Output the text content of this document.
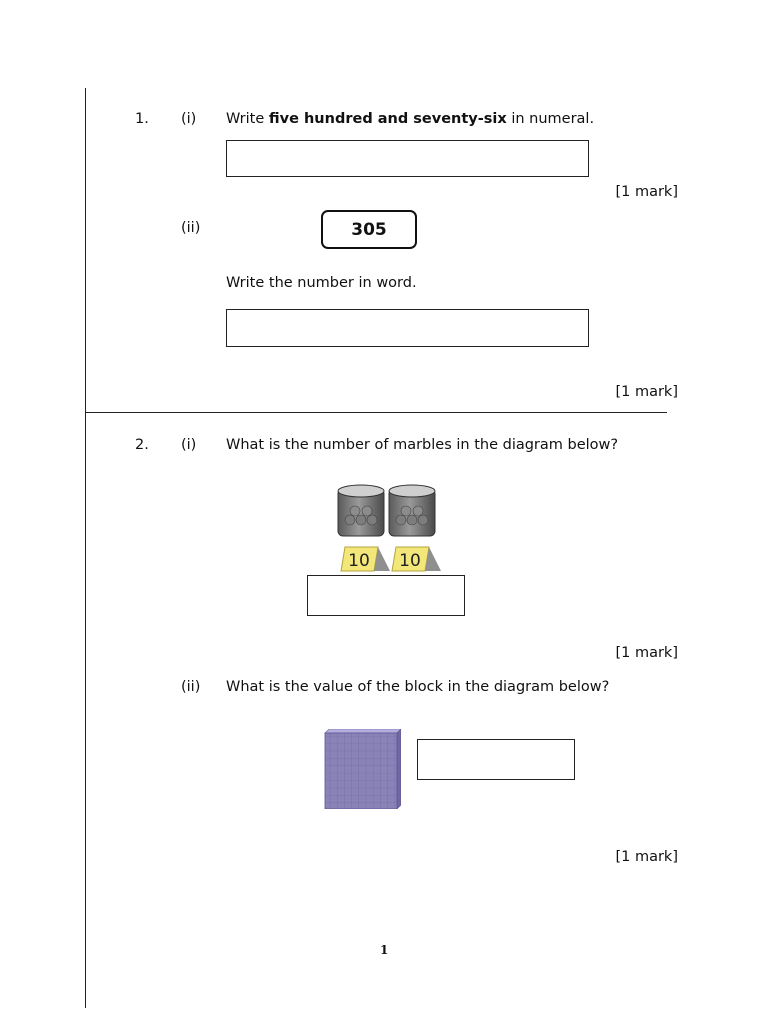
1. (i) Write five hundred and seventy-six in numeral.
[1 mark]
(ii)	305
Write the number in word.
[1 mark]
2. (i) What is the number of marbles in the diagram below?
10 10
[1 mark]
(ii) What is the value of the block in the diagram below?
[1 mark]
1
